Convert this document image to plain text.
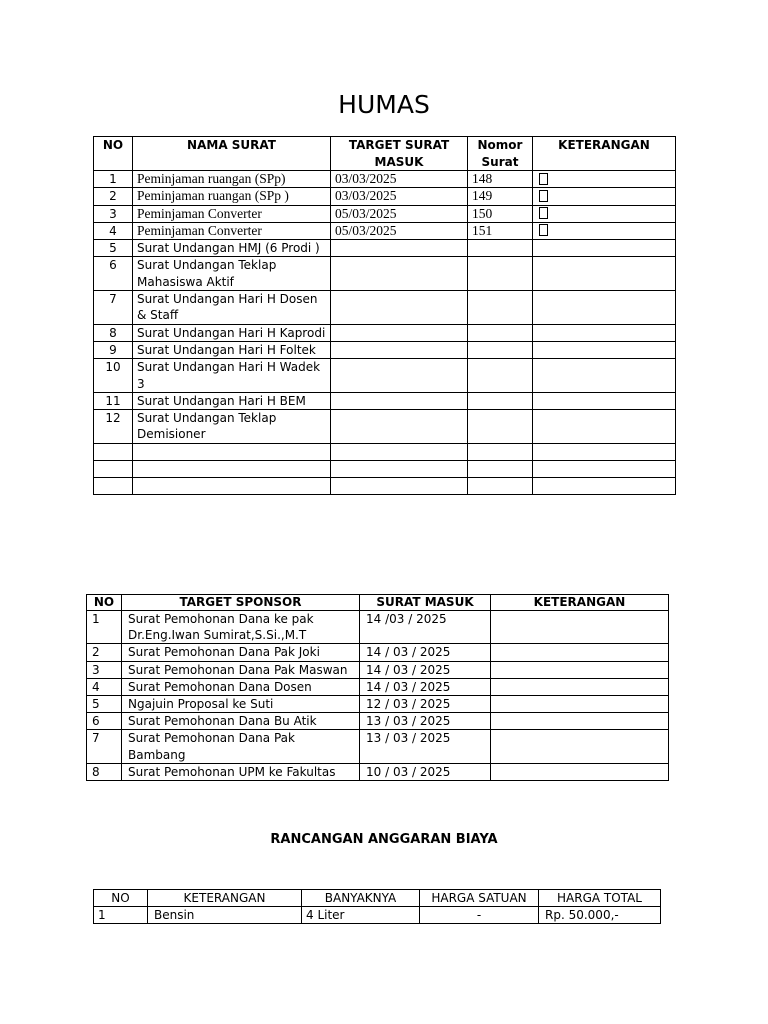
HUMAS
NO	NAMA SURAT	TARGET SURAT MASUK	Nomor Surat	KETERANGAN
1	Peminjaman ruangan (SPp)	03/03/2025	148	
2	Peminjaman ruangan (SPp )	03/03/2025	149	
3	Peminjaman Converter	05/03/2025	150	
4	Peminjaman Converter	05/03/2025	151	
5	Surat Undangan HMJ (6 Prodi )			
6	Surat Undangan Teklap Mahasiswa Aktif			
7	Surat Undangan Hari H Dosen & Staff			
8	Surat Undangan Hari H Kaprodi			
9	Surat Undangan Hari H Foltek			
10	Surat Undangan Hari H Wadek 3			
11	Surat Undangan Hari H BEM			
12	Surat Undangan Teklap Demisioner			

NO	TARGET SPONSOR	SURAT MASUK	KETERANGAN
1	Surat Pemohonan Dana ke pak Dr.Eng.Iwan Sumirat,S.Si.,M.T	14 /03 / 2025	
2	Surat Pemohonan Dana Pak Joki	14 / 03 / 2025	
3	Surat Pemohonan Dana Pak Maswan	14 / 03 / 2025	
4	Surat Pemohonan Dana Dosen	14 / 03 / 2025	
5	Ngajuin Proposal ke Suti	12 / 03 / 2025	
6	Surat Pemohonan Dana Bu Atik	13 / 03 / 2025	
7	Surat Pemohonan Dana Pak Bambang	13 / 03 / 2025	
8	Surat Pemohonan UPM ke Fakultas	10 / 03 / 2025	
RANCANGAN ANGGARAN BIAYA
NO	KETERANGAN	BANYAKNYA	HARGA SATUAN	HARGA TOTAL
1	Bensin	4 Liter	-	Rp. 50.000,-
